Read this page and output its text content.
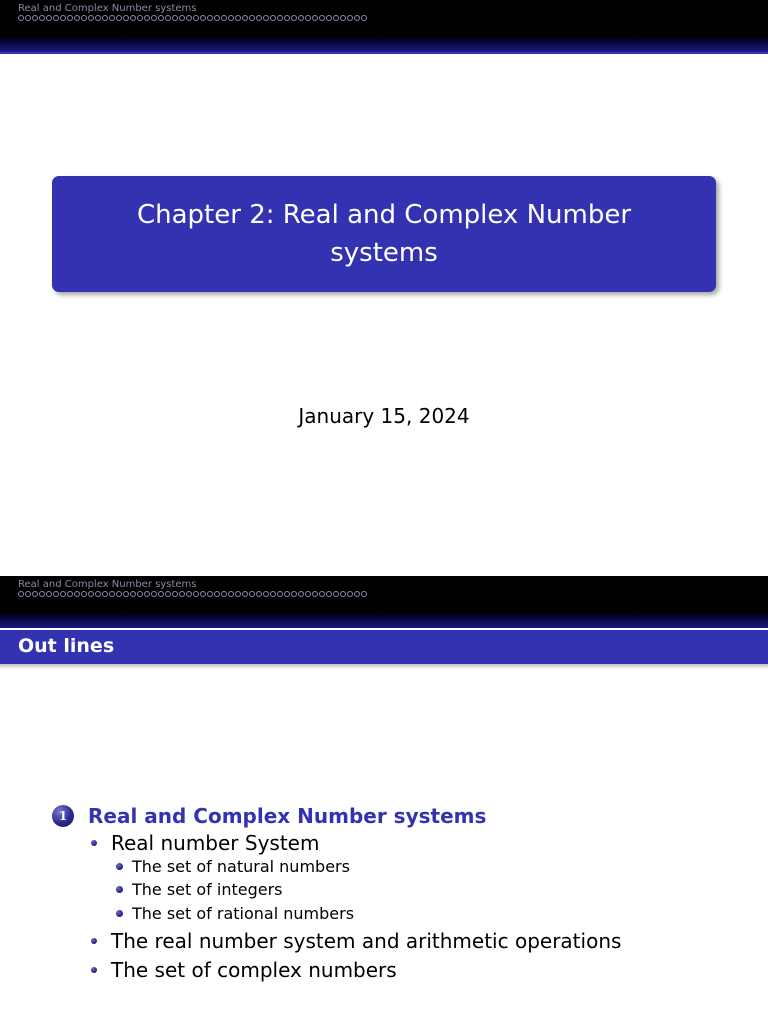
Real and Complex Number systems
Chapter 2: Real and Complex Number systems
January 15, 2024
Real and Complex Number systems
Out lines
1	Real and Complex Number systems
Real number System
The set of natural numbers
The set of integers
The set of rational numbers
The real number system and arithmetic operations
The set of complex numbers
